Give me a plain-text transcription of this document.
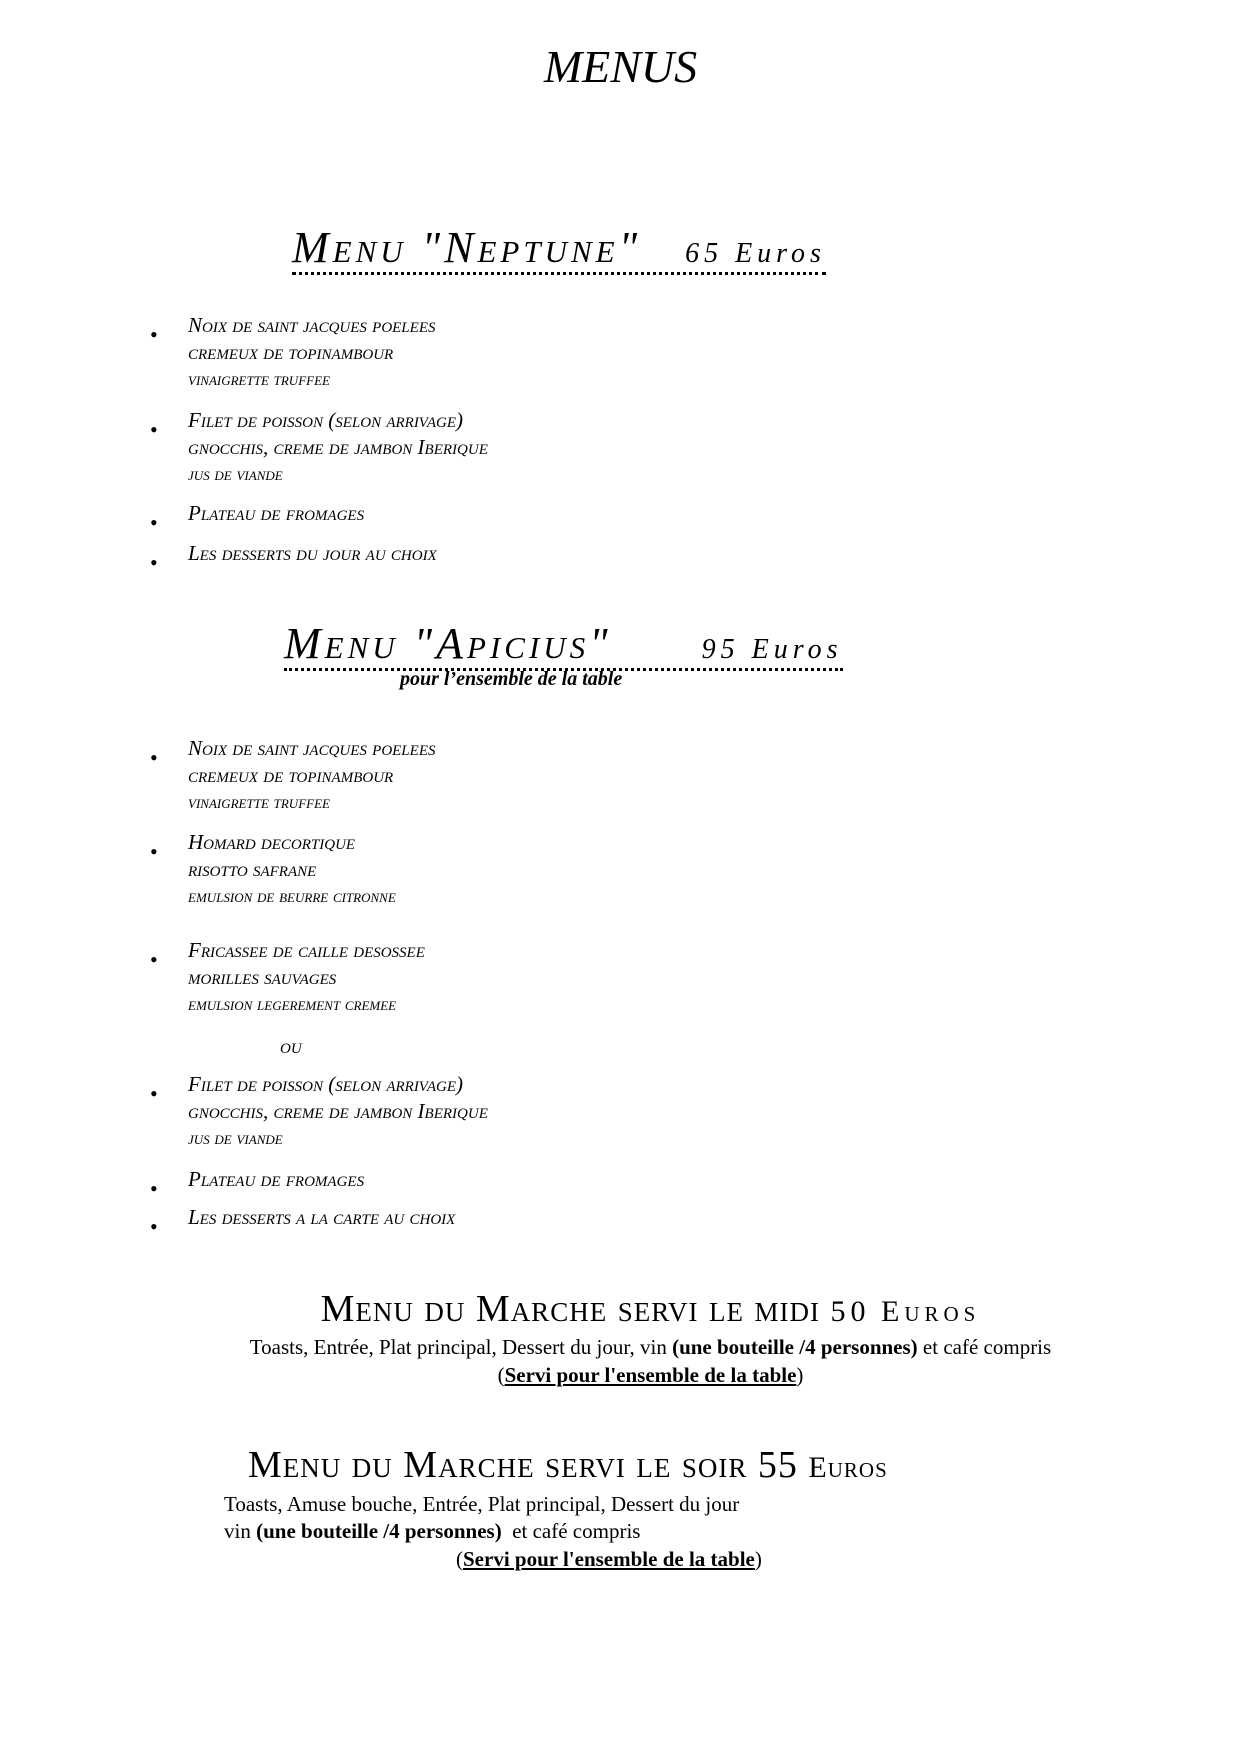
MENUS
Menu "Neptune" 65 Euros
Menu "Apicius"	95 Euros
pour l’ensemble de la table
ou
Menu du Marche servi le midi 50 Euros
Toasts, Entrée, Plat principal, Dessert du jour, vin (une bouteille /4 personnes) et café compris
(Servi pour l'ensemble de la table)
Menu du Marche servi le soir 55 Euros
Toasts, Amuse bouche, Entrée, Plat principal, Dessert du jour
vin (une bouteille /4 personnes)  et café compris
(Servi pour l'ensemble de la table)
• Noix de saint jacques poelees
cremeux de topinambour
vinaigrette truffee
• Filet de poisson (selon arrivage)
gnocchis, creme de jambon Iberique
jus de viande
• Plateau de fromages
• Les desserts du jour au choix
• Noix de saint jacques poelees
cremeux de topinambour
vinaigrette truffee
• Homard decortique
risotto safrane
emulsion de beurre citronne
• Fricassee de caille desossee
morilles sauvages
emulsion legerement cremee
• Filet de poisson (selon arrivage)
gnocchis, creme de jambon Iberique
jus de viande
• Plateau de fromages
• Les desserts a la carte au choix
